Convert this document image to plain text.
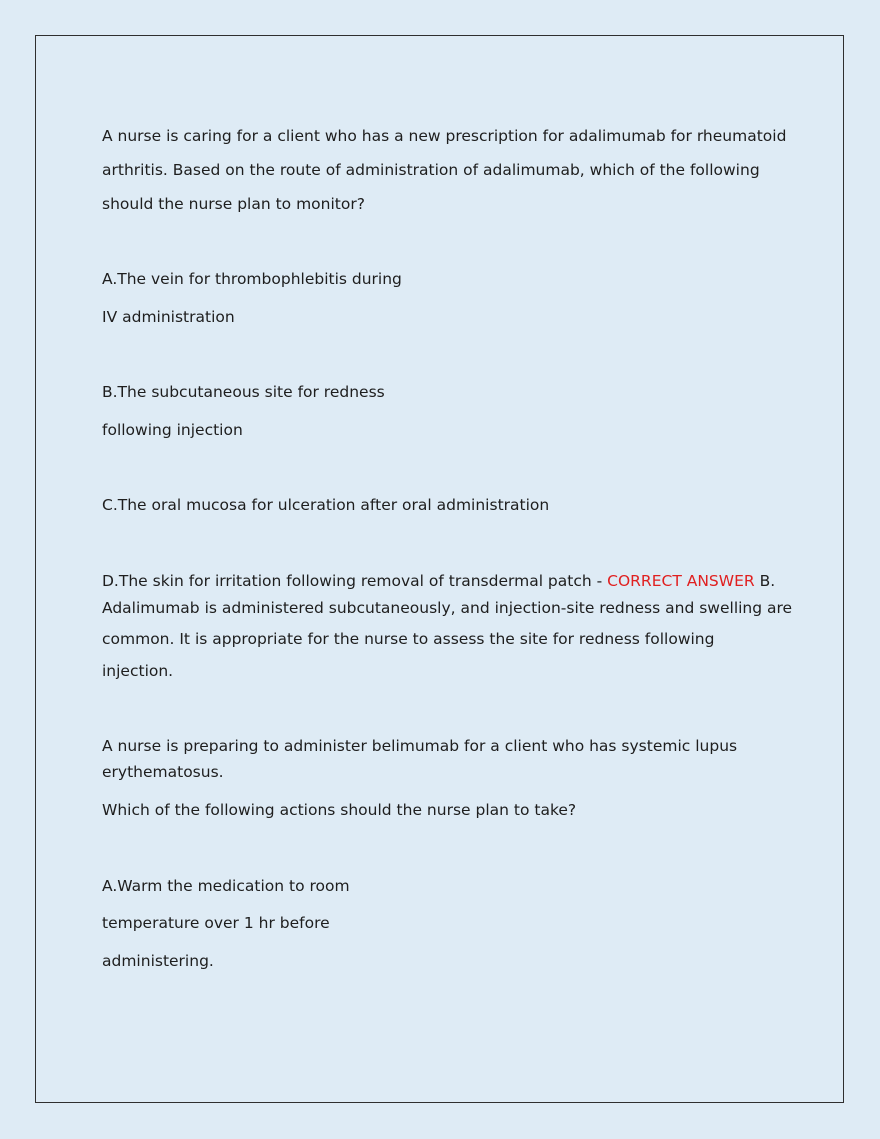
A nurse is caring for a client who has a new prescription for adalimumab for rheumatoid
arthritis. Based on the route of administration of adalimumab, which of the following
should the nurse plan to monitor?
A.The vein for thrombophlebitis during
IV administration
B.The subcutaneous site for redness
following injection
C.The oral mucosa for ulceration after oral administration
D.The skin for irritation following removal of transdermal patch - CORRECT ANSWER B.
Adalimumab is administered subcutaneously, and injection-site redness and swelling are
common. It is appropriate for the nurse to assess the site for redness following
injection.
A nurse is preparing to administer belimumab for a client who has systemic lupus
erythematosus.
Which of the following actions should the nurse plan to take?
A.Warm the medication to room
temperature over 1 hr before
administering.
